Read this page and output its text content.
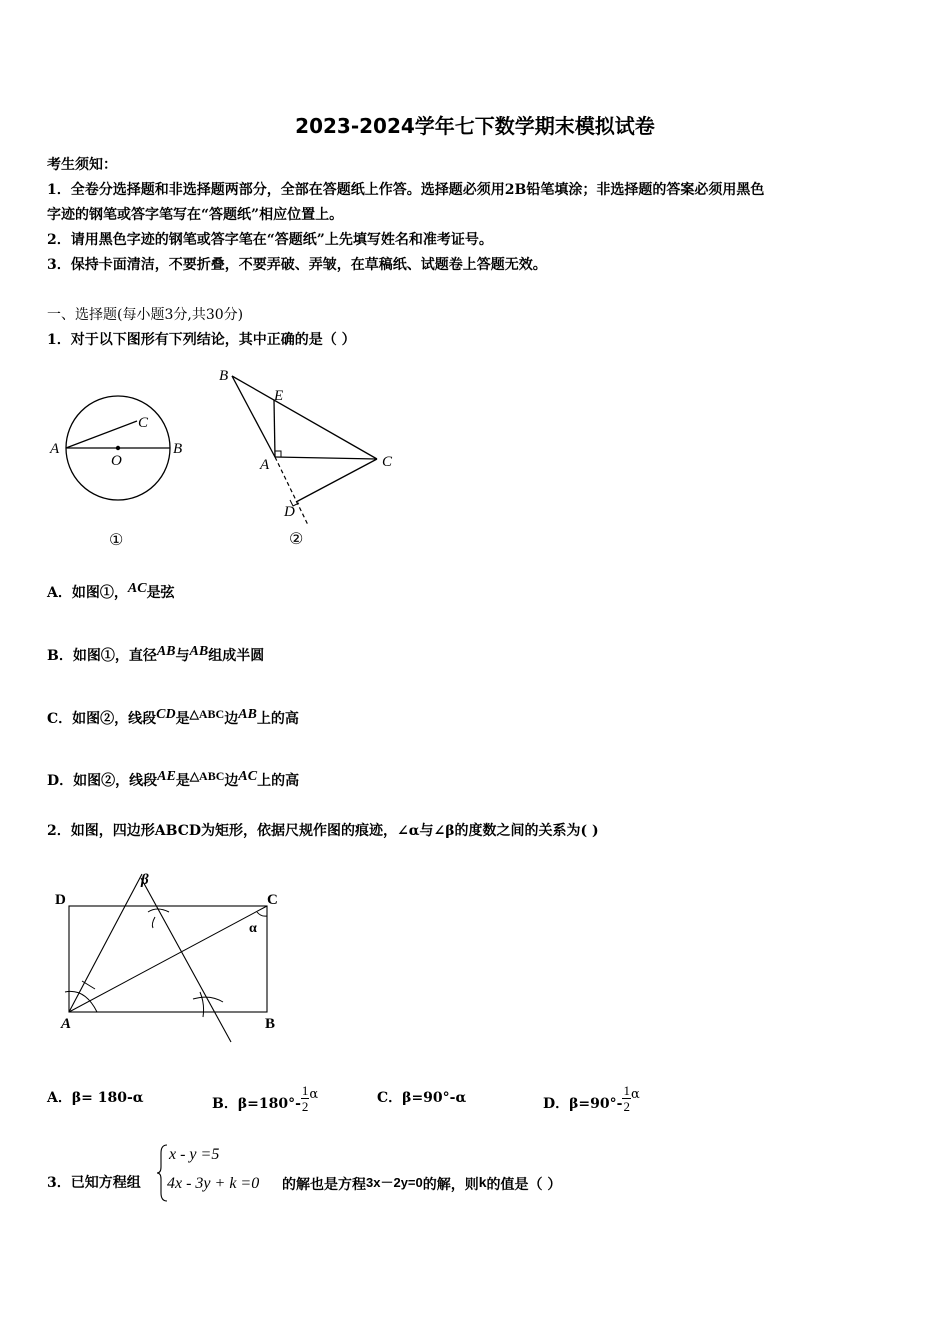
2023-2024学年七下数学期末模拟试卷
考生须知：
1．全卷分选择题和非选择题两部分，全部在答题纸上作答。选择题必须用2B铅笔填涂；非选择题的答案必须用黑色
字迹的钢笔或答字笔写在“答题纸”相应位置上。
2．请用黑色字迹的钢笔或答字笔在“答题纸”上先填写姓名和准考证号。
3．保持卡面清洁，不要折叠，不要弄破、弄皱，在草稿纸、试题卷上答题无效。
一、选择题(每小题3分,共30分)
1．对于以下图形有下列结论，其中正确的是（ ）
A	B
C
O
①
B
E
A	C
D
②
A．如图①，AC是弦
B．如图①，直径AB与AB组成半圆
C．如图②，线段CD是△ABC边AB上的高
D．如图②，线段AE是△ABC边AC上的高
2．如图，四边形ABCD为矩形，依据尺规作图的痕迹，∠α与∠β的度数之间的关系为( )
D	C
A	B
α
β
A．β= 180-α	B．$\beta=180^\circ- \frac{1}{2}$ α	C．β=90°-α	D．$\beta=90^\circ- \frac{1}{2}$ α
3．已知方程组
x - y =5
4x - 3y + k =0 的解也是方程3x－2y=0的解，则k的值是（ ）
